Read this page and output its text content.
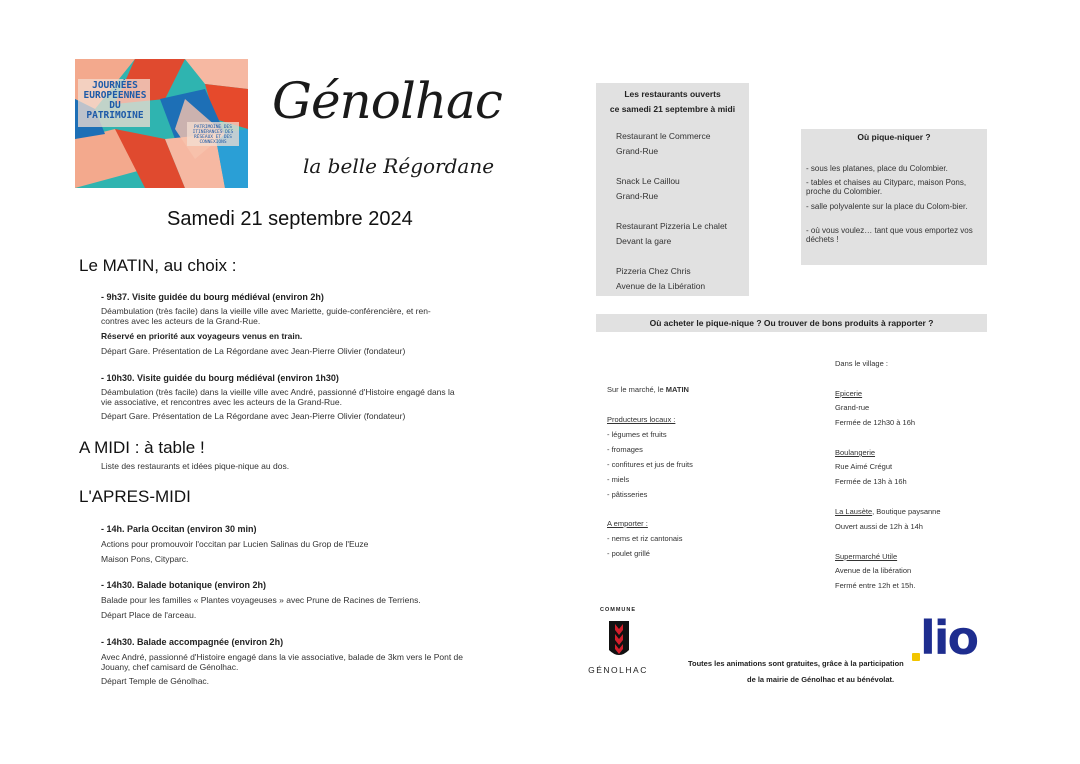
JOURNÉES
EUROPÉENNES
DU
PATRIMOINE
PATRIMOINE DES ITINÉRANCES DES RÉSEAUX ET DES CONNEXIONS
Génolhac
la belle Régordane
Samedi 21 septembre 2024
Le MATIN, au choix :
- 9h37. Visite guidée du bourg médiéval (environ 2h)
Déambulation (très facile) dans la vieille ville avec Mariette, guide-conférencière, et ren-
contres avec les acteurs de la Grand-Rue.
Réservé en priorité aux voyageurs venus en train.
Départ Gare. Présentation de La Régordane avec Jean-Pierre Olivier (fondateur)
- 10h30. Visite guidée du bourg médiéval (environ 1h30)
Déambulation (très facile) dans la vieille ville avec André, passionné d'Histoire engagé dans la
vie associative, et rencontres avec les acteurs de la Grand-Rue.
Départ Gare. Présentation de La Régordane avec Jean-Pierre Olivier (fondateur)
A MIDI : à table !
Liste des restaurants et idées pique-nique au dos.
L'APRES-MIDI
- 14h. Parla Occitan (environ 30 min)
Actions pour promouvoir l'occitan par Lucien Salinas du Grop de l'Euze
Maison Pons, Cityparc.
- 14h30. Balade botanique (environ 2h)
Balade pour les familles « Plantes voyageuses » avec Prune de Racines de Terriens.
Départ Place de l'arceau.
- 14h30. Balade accompagnée (environ 2h)
Avec André, passionné d'Histoire engagé dans la vie associative, balade de 3km vers le Pont de
Jouany, chef camisard de Génolhac.
Départ Temple de Génolhac.
Les restaurants ouverts
ce samedi 21 septembre à midi
Restaurant le Commerce
Grand-Rue
Snack Le Caillou
Grand-Rue
Restaurant Pizzeria Le chalet
Devant la gare
Pizzeria Chez Chris
Avenue de la Libération
Où pique-niquer ?
- sous les platanes, place du Colombier.
- tables et chaises au Cityparc, maison Pons, proche du Colombier.
- salle polyvalente sur la place du Colom-bier.
- où vous voulez… tant que vous emportez vos déchets !
Où acheter le pique-nique ? Ou trouver de bons produits à rapporter ?
Sur le marché, le MATIN
Producteurs locaux :
- légumes et fruits
- fromages
- confitures et jus de fruits
- miels
- pâtisseries
A emporter :
- nems et riz cantonais
- poulet grillé
Dans le village :
Epicerie
Grand-rue
Fermée de 12h30 à 16h
Boulangerie
Rue Aimé Crégut
Fermée de 13h à 16h
La Lausète, Boutique paysanne
Ouvert aussi de 12h à 14h
Supermarché Utile
Avenue de la libération
Fermé entre 12h et 15h.
COMMUNE
GÉNOLHAC
Toutes les animations sont gratuites, grâce à la participation
de la mairie de Génolhac et au bénévolat.
lio
